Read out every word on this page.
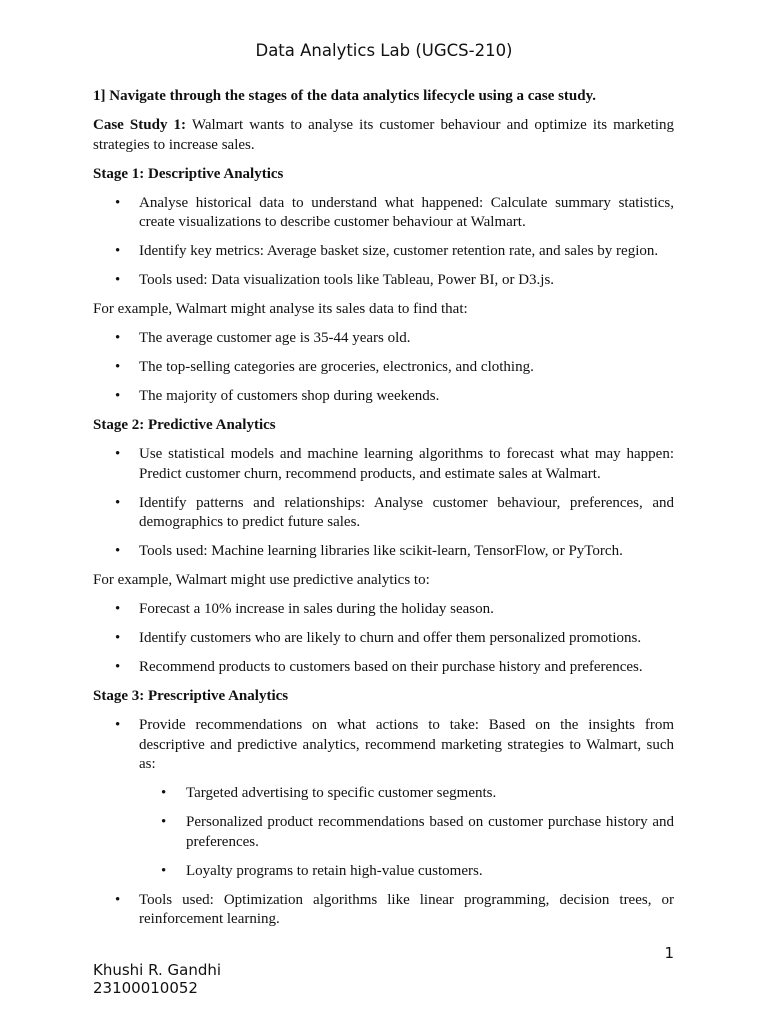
Data Analytics Lab (UGCS-210)

1] Navigate through the stages of the data analytics lifecycle using a case study.

Case Study 1: Walmart wants to analyse its customer behaviour and optimize its marketing strategies to increase sales.

Stage 1: Descriptive Analytics

• Analyse historical data to understand what happened: Calculate summary statistics, create visualizations to describe customer behaviour at Walmart.
• Identify key metrics: Average basket size, customer retention rate, and sales by region.
• Tools used: Data visualization tools like Tableau, Power BI, or D3.js.

For example, Walmart might analyse its sales data to find that:

• The average customer age is 35-44 years old.
• The top-selling categories are groceries, electronics, and clothing.
• The majority of customers shop during weekends.

Stage 2: Predictive Analytics

• Use statistical models and machine learning algorithms to forecast what may happen: Predict customer churn, recommend products, and estimate sales at Walmart.
• Identify patterns and relationships: Analyse customer behaviour, preferences, and demographics to predict future sales.
• Tools used: Machine learning libraries like scikit-learn, TensorFlow, or PyTorch.

For example, Walmart might use predictive analytics to:

• Forecast a 10% increase in sales during the holiday season.
• Identify customers who are likely to churn and offer them personalized promotions.
• Recommend products to customers based on their purchase history and preferences.

Stage 3: Prescriptive Analytics

• Provide recommendations on what actions to take: Based on the insights from descriptive and predictive analytics, recommend marketing strategies to Walmart, such as:
• Targeted advertising to specific customer segments.
• Personalized product recommendations based on customer purchase history and preferences.
• Loyalty programs to retain high-value customers.
• Tools used: Optimization algorithms like linear programming, decision trees, or reinforcement learning.
1
Khushi R. Gandhi
23100010052
